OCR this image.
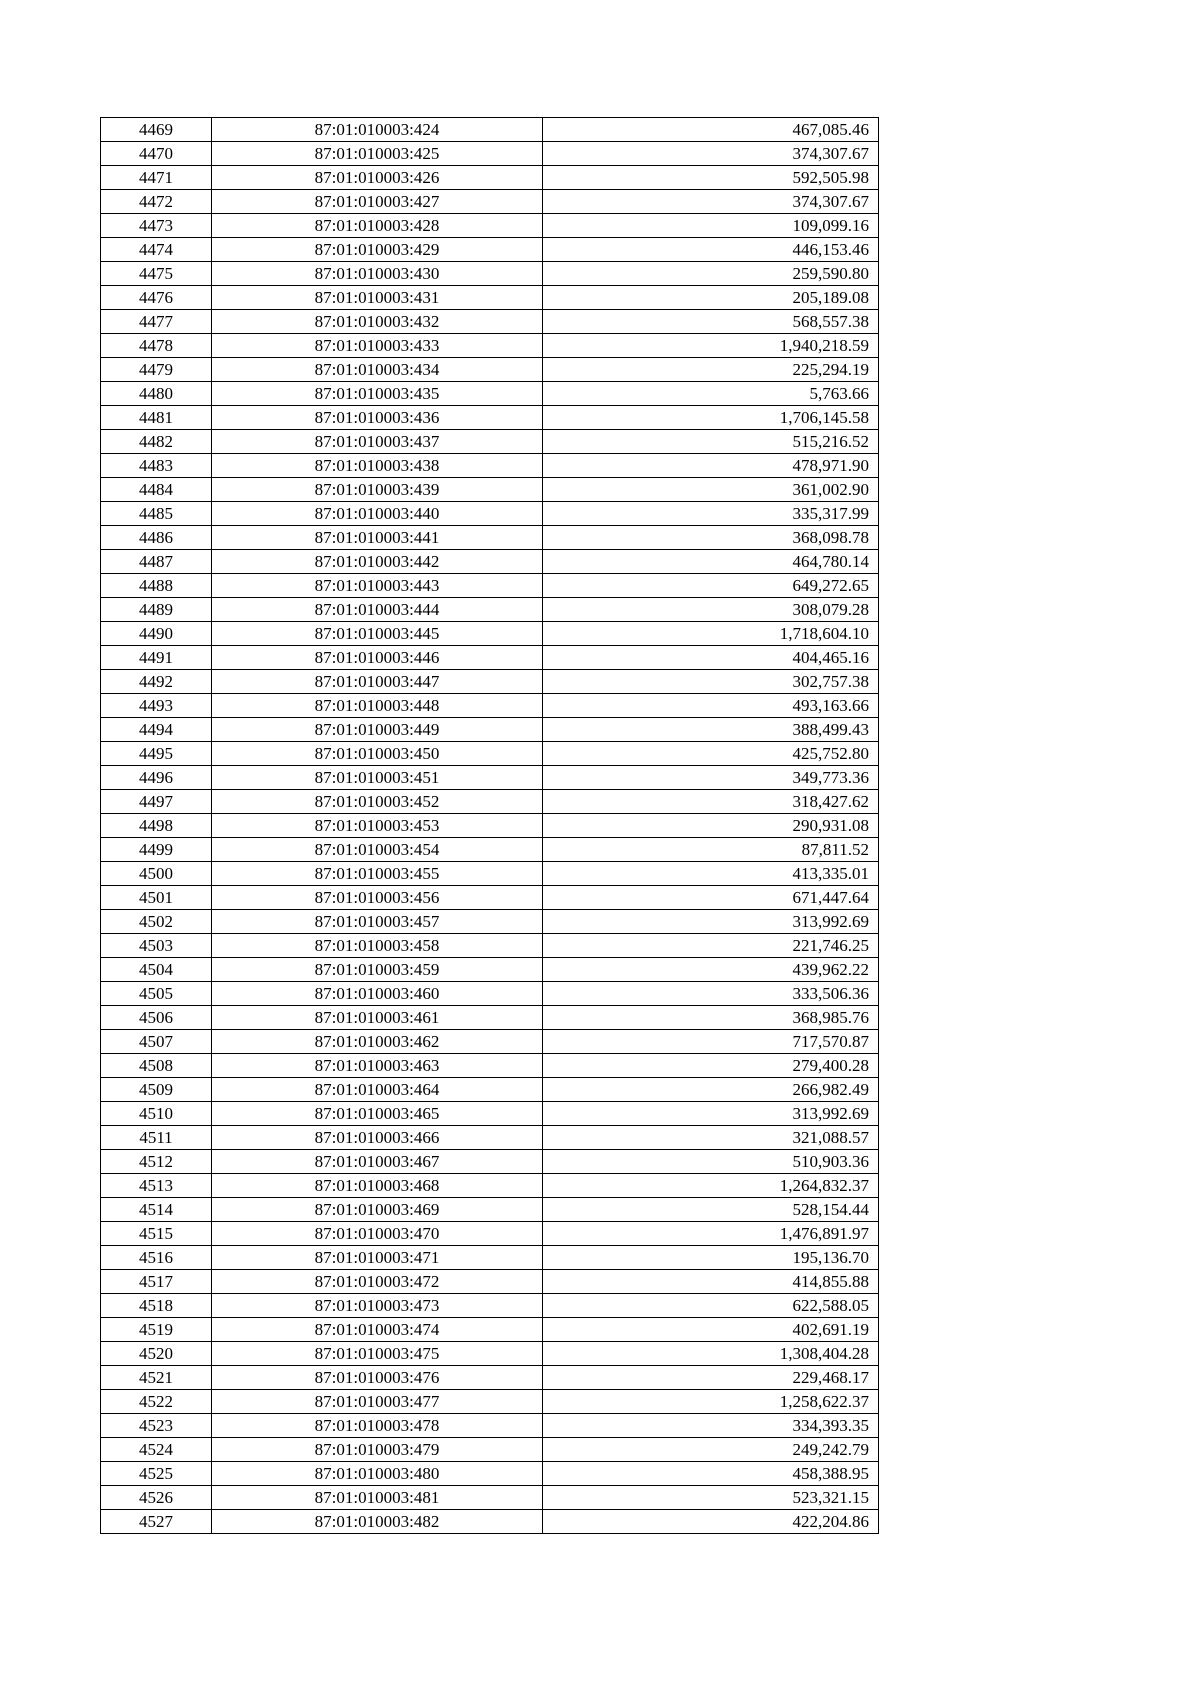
4469	87:01:010003:424	467,085.46
4470	87:01:010003:425	374,307.67
4471	87:01:010003:426	592,505.98
4472	87:01:010003:427	374,307.67
4473	87:01:010003:428	109,099.16
4474	87:01:010003:429	446,153.46
4475	87:01:010003:430	259,590.80
4476	87:01:010003:431	205,189.08
4477	87:01:010003:432	568,557.38
4478	87:01:010003:433	1,940,218.59
4479	87:01:010003:434	225,294.19
4480	87:01:010003:435	5,763.66
4481	87:01:010003:436	1,706,145.58
4482	87:01:010003:437	515,216.52
4483	87:01:010003:438	478,971.90
4484	87:01:010003:439	361,002.90
4485	87:01:010003:440	335,317.99
4486	87:01:010003:441	368,098.78
4487	87:01:010003:442	464,780.14
4488	87:01:010003:443	649,272.65
4489	87:01:010003:444	308,079.28
4490	87:01:010003:445	1,718,604.10
4491	87:01:010003:446	404,465.16
4492	87:01:010003:447	302,757.38
4493	87:01:010003:448	493,163.66
4494	87:01:010003:449	388,499.43
4495	87:01:010003:450	425,752.80
4496	87:01:010003:451	349,773.36
4497	87:01:010003:452	318,427.62
4498	87:01:010003:453	290,931.08
4499	87:01:010003:454	87,811.52
4500	87:01:010003:455	413,335.01
4501	87:01:010003:456	671,447.64
4502	87:01:010003:457	313,992.69
4503	87:01:010003:458	221,746.25
4504	87:01:010003:459	439,962.22
4505	87:01:010003:460	333,506.36
4506	87:01:010003:461	368,985.76
4507	87:01:010003:462	717,570.87
4508	87:01:010003:463	279,400.28
4509	87:01:010003:464	266,982.49
4510	87:01:010003:465	313,992.69
4511	87:01:010003:466	321,088.57
4512	87:01:010003:467	510,903.36
4513	87:01:010003:468	1,264,832.37
4514	87:01:010003:469	528,154.44
4515	87:01:010003:470	1,476,891.97
4516	87:01:010003:471	195,136.70
4517	87:01:010003:472	414,855.88
4518	87:01:010003:473	622,588.05
4519	87:01:010003:474	402,691.19
4520	87:01:010003:475	1,308,404.28
4521	87:01:010003:476	229,468.17
4522	87:01:010003:477	1,258,622.37
4523	87:01:010003:478	334,393.35
4524	87:01:010003:479	249,242.79
4525	87:01:010003:480	458,388.95
4526	87:01:010003:481	523,321.15
4527	87:01:010003:482	422,204.86
